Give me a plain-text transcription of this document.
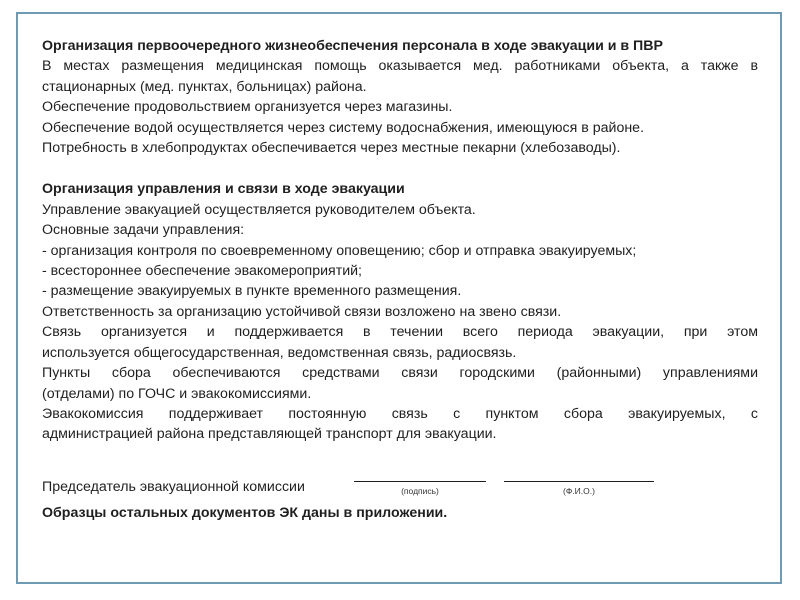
Организация первоочередного жизнеобеспечения персонала в ходе эвакуации и в ПВР
В местах размещения медицинская помощь оказывается мед. работниками объекта, а также в
стационарных (мед. пунктах, больницах) района.
Обеспечение продовольствием организуется через магазины.
Обеспечение водой осуществляется через систему водоснабжения, имеющуюся в районе.
Потребность в хлебопродуктах обеспечивается через местные пекарни (хлебозаводы).
Организация управления и связи в ходе эвакуации
Управление эвакуацией осуществляется руководителем объекта.
Основные задачи управления:
- организация контроля по своевременному оповещению; сбор и отправка эвакуируемых;
- всестороннее обеспечение эвакомероприятий;
- размещение эвакуируемых в пункте временного размещения.
Ответственность за организацию устойчивой связи возложено на звено связи.
Связь организуется и поддерживается в течении всего периода эвакуации, при этом
используется общегосударственная, ведомственная связь, радиосвязь.
Пункты сбора обеспечиваются средствами связи городскими (районными) управлениями
(отделами) по ГОЧС и эвакокомиссиями.
Эвакокомиссия поддерживает постоянную связь с пунктом сбора эвакуируемых, с
администрацией района представляющей транспорт для эвакуации.
Председатель эвакуационной комиссии	(подпись)	(Ф.И.О.)
Образцы остальных документов ЭК даны в приложении.
